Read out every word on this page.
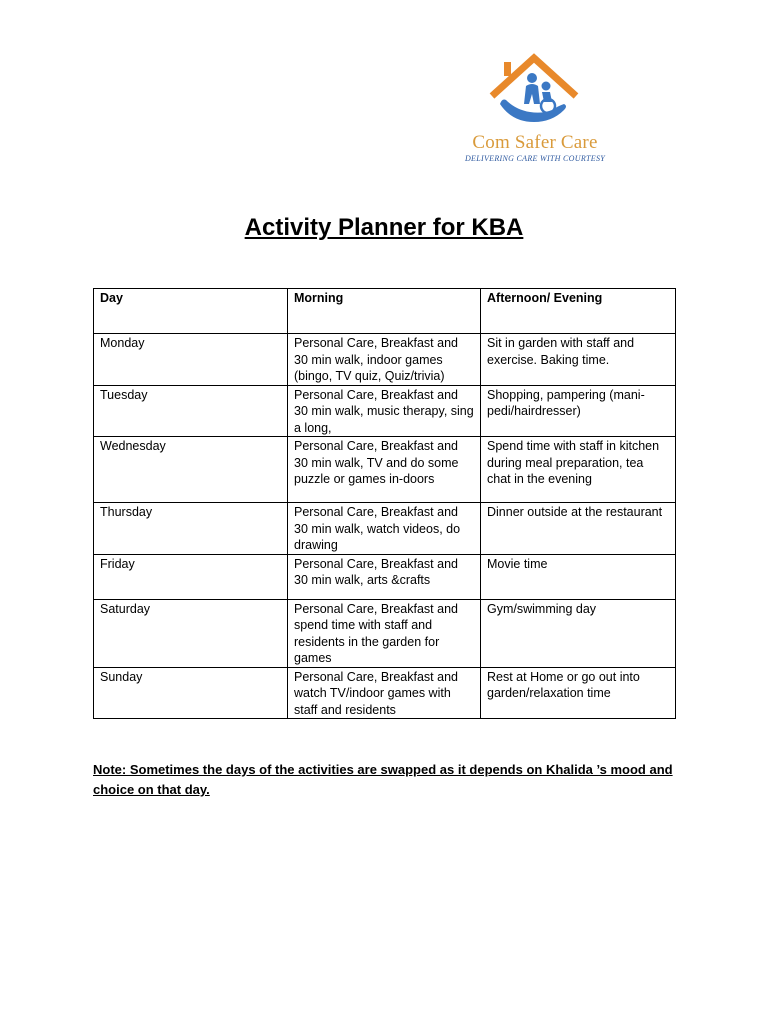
Com Safer Care
DELIVERING CARE WITH COURTESY
Activity Planner for KBA
Day	Morning	Afternoon/ Evening
Monday	Personal Care, Breakfast and 30 min walk, indoor games (bingo, TV quiz, Quiz/trivia)	Sit in garden with staff and exercise. Baking time.
Tuesday	Personal Care, Breakfast and 30 min walk, music therapy, sing a long,	Shopping, pampering (mani-pedi/hairdresser)
Wednesday	Personal Care, Breakfast and 30 min walk, TV and do some puzzle or games in-doors	Spend time with staff in kitchen during meal preparation, tea chat in the evening
Thursday	Personal Care, Breakfast and 30 min walk, watch videos, do drawing	Dinner outside at the restaurant
Friday	Personal Care, Breakfast and 30 min walk, arts &crafts	Movie time
Saturday	Personal Care, Breakfast and spend time with staff and residents in the garden for games	Gym/swimming day
Sunday	Personal Care, Breakfast and watch TV/indoor games with staff and residents	Rest at Home or go out into garden/relaxation time
Note: Sometimes the days of the activities are swapped as it depends on Khalida ’s mood and choice on that day.
